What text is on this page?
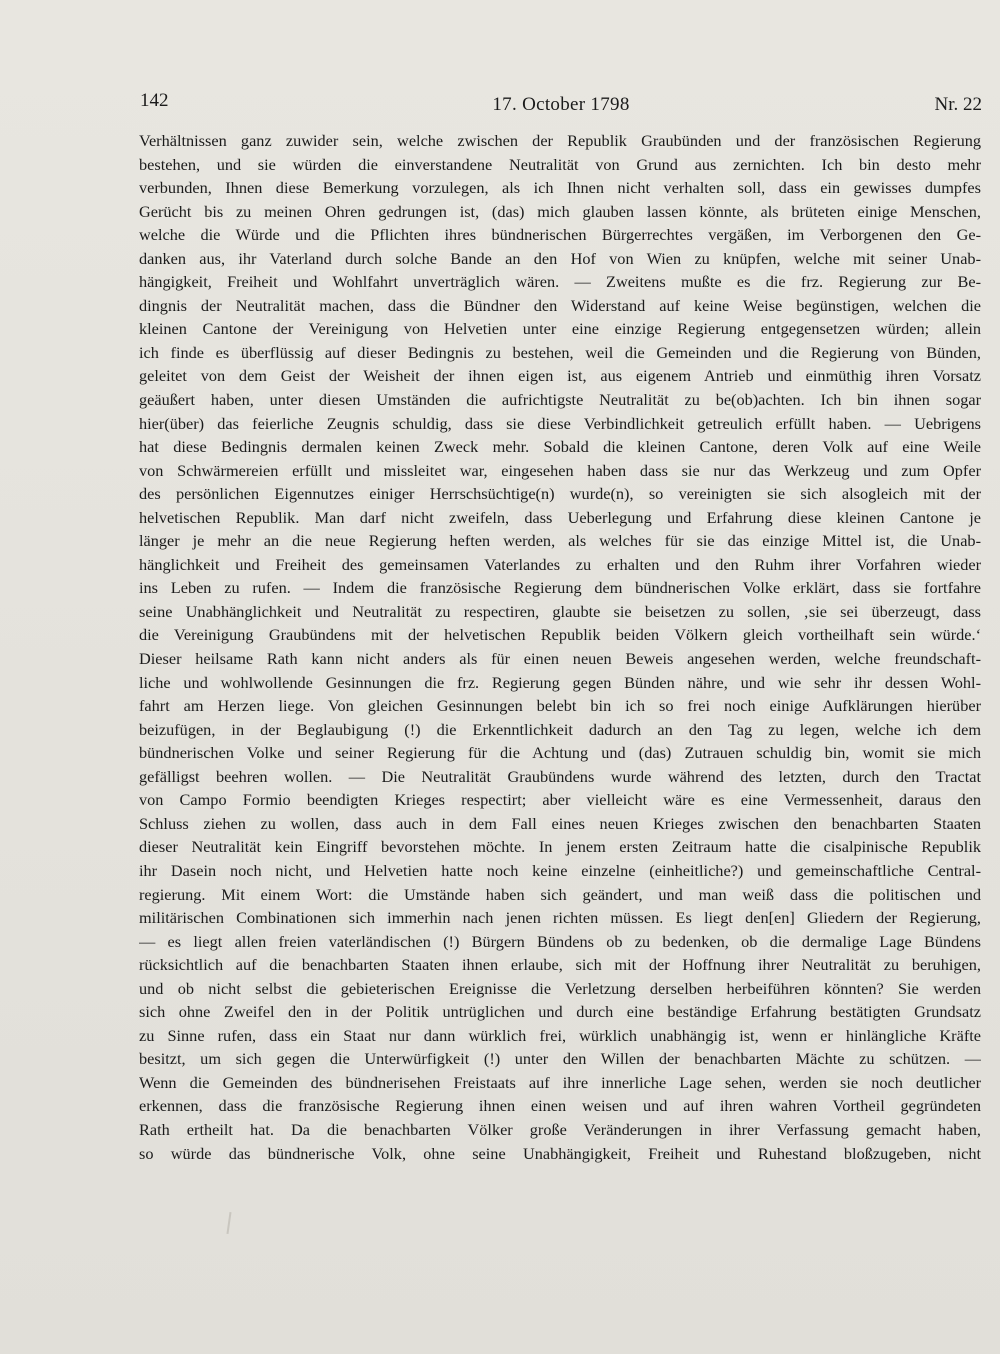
142	17. October 1798	Nr. 22
Verhältnissen ganz zuwider sein, welche zwischen der Republik Graubünden und der französischen Regierung
bestehen, und sie würden die einverstandene Neutralität von Grund aus zernichten. Ich bin desto mehr
verbunden, Ihnen diese Bemerkung vorzulegen, als ich Ihnen nicht verhalten soll, dass ein gewisses dumpfes
Gerücht bis zu meinen Ohren gedrungen ist, (das) mich glauben lassen könnte, als brüteten einige Menschen,
welche die Würde und die Pflichten ihres bündnerischen Bürgerrechtes vergäßen, im Verborgenen den Ge-
danken aus, ihr Vaterland durch solche Bande an den Hof von Wien zu knüpfen, welche mit seiner Unab-
hängigkeit, Freiheit und Wohlfahrt unverträglich wären. — Zweitens mußte es die frz. Regierung zur Be-
dingnis der Neutralität machen, dass die Bündner den Widerstand auf keine Weise begünstigen, welchen die
kleinen Cantone der Vereinigung von Helvetien unter eine einzige Regierung entgegensetzen würden; allein
ich finde es überflüssig auf dieser Bedingnis zu bestehen, weil die Gemeinden und die Regierung von Bünden,
geleitet von dem Geist der Weisheit der ihnen eigen ist, aus eigenem Antrieb und einmüthig ihren Vorsatz
geäußert haben, unter diesen Umständen die aufrichtigste Neutralität zu be(ob)achten. Ich bin ihnen sogar
hier(über) das feierliche Zeugnis schuldig, dass sie diese Verbindlichkeit getreulich erfüllt haben. — Uebrigens
hat diese Bedingnis dermalen keinen Zweck mehr. Sobald die kleinen Cantone, deren Volk auf eine Weile
von Schwärmereien erfüllt und missleitet war, eingesehen haben dass sie nur das Werkzeug und zum Opfer
des persönlichen Eigennutzes einiger Herrschsüchtige(n) wurde(n), so vereinigten sie sich alsogleich mit der
helvetischen Republik. Man darf nicht zweifeln, dass Ueberlegung und Erfahrung diese kleinen Cantone je
länger je mehr an die neue Regierung heften werden, als welches für sie das einzige Mittel ist, die Unab-
hänglichkeit und Freiheit des gemeinsamen Vaterlandes zu erhalten und den Ruhm ihrer Vorfahren wieder
ins Leben zu rufen. — Indem die französische Regierung dem bündnerischen Volke erklärt, dass sie fortfahre
seine Unabhänglichkeit und Neutralität zu respectiren, glaubte sie beisetzen zu sollen, ‚sie sei überzeugt, dass
die Vereinigung Graubündens mit der helvetischen Republik beiden Völkern gleich vortheilhaft sein würde.‘
Dieser heilsame Rath kann nicht anders als für einen neuen Beweis angesehen werden, welche freundschaft-
liche und wohlwollende Gesinnungen die frz. Regierung gegen Bünden nähre, und wie sehr ihr dessen Wohl-
fahrt am Herzen liege. Von gleichen Gesinnungen belebt bin ich so frei noch einige Aufklärungen hierüber
beizufügen, in der Beglaubigung (!) die Erkenntlichkeit dadurch an den Tag zu legen, welche ich dem
bündnerischen Volke und seiner Regierung für die Achtung und (das) Zutrauen schuldig bin, womit sie mich
gefälligst beehren wollen. — Die Neutralität Graubündens wurde während des letzten, durch den Tractat
von Campo Formio beendigten Krieges respectirt; aber vielleicht wäre es eine Vermessenheit, daraus den
Schluss ziehen zu wollen, dass auch in dem Fall eines neuen Krieges zwischen den benachbarten Staaten
dieser Neutralität kein Eingriff bevorstehen möchte. In jenem ersten Zeitraum hatte die cisalpinische Republik
ihr Dasein noch nicht, und Helvetien hatte noch keine einzelne (einheitliche?) und gemeinschaftliche Central-
regierung. Mit einem Wort: die Umstände haben sich geändert, und man weiß dass die politischen und
militärischen Combinationen sich immerhin nach jenen richten müssen. Es liegt den[en] Gliedern der Regierung,
— es liegt allen freien vaterländischen (!) Bürgern Bündens ob zu bedenken, ob die dermalige Lage Bündens
rücksichtlich auf die benachbarten Staaten ihnen erlaube, sich mit der Hoffnung ihrer Neutralität zu beruhigen,
und ob nicht selbst die gebieterischen Ereignisse die Verletzung derselben herbeiführen könnten? Sie werden
sich ohne Zweifel den in der Politik untrüglichen und durch eine beständige Erfahrung bestätigten Grundsatz
zu Sinne rufen, dass ein Staat nur dann würklich frei, würklich unabhängig ist, wenn er hinlängliche Kräfte
besitzt, um sich gegen die Unterwürfigkeit (!) unter den Willen der benachbarten Mächte zu schützen. —
Wenn die Gemeinden des bündnerisehen Freistaats auf ihre innerliche Lage sehen, werden sie noch deutlicher
erkennen, dass die französische Regierung ihnen einen weisen und auf ihren wahren Vortheil gegründeten
Rath ertheilt hat. Da die benachbarten Völker große Veränderungen in ihrer Verfassung gemacht haben,
so würde das bündnerische Volk, ohne seine Unabhängigkeit, Freiheit und Ruhestand bloßzugeben, nicht
